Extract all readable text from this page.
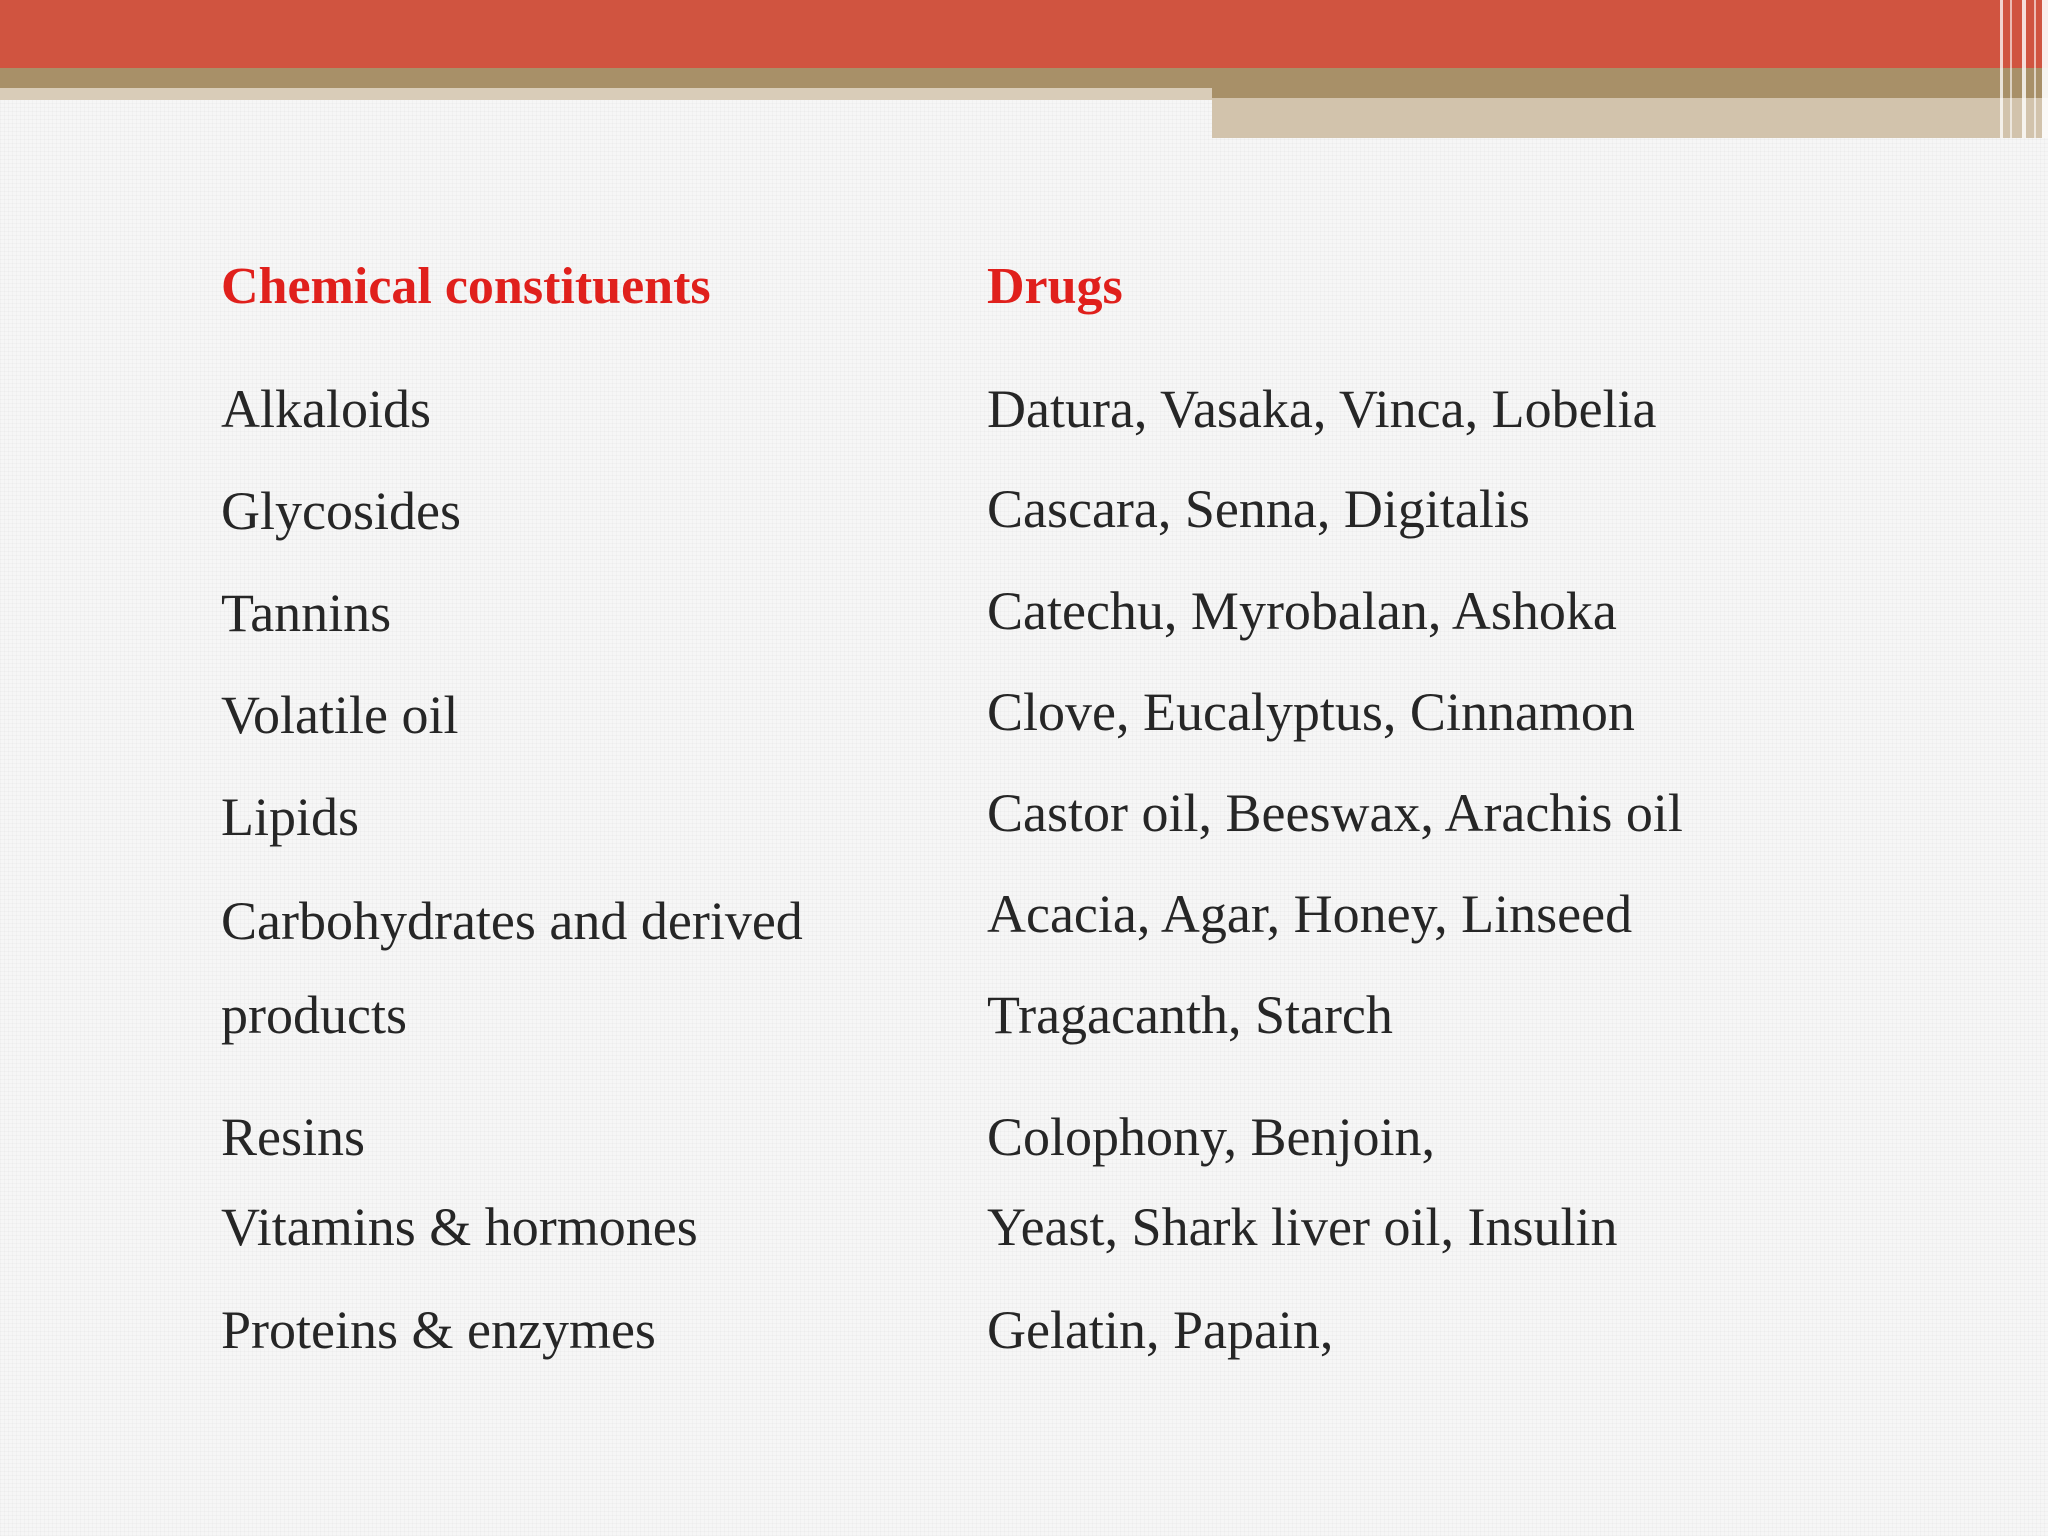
Chemical constituents
Alkaloids
Glycosides
Tannins
Volatile oil
Lipids
Carbohydrates and derived
products
Resins
Vitamins & hormones
Proteins & enzymes
Drugs
Datura, Vasaka, Vinca, Lobelia
Cascara, Senna, Digitalis
Catechu, Myrobalan, Ashoka
Clove, Eucalyptus, Cinnamon
Castor oil, Beeswax, Arachis oil
Acacia, Agar, Honey, Linseed
Tragacanth, Starch
Colophony, Benjoin,
Yeast, Shark liver oil, Insulin
Gelatin, Papain,
